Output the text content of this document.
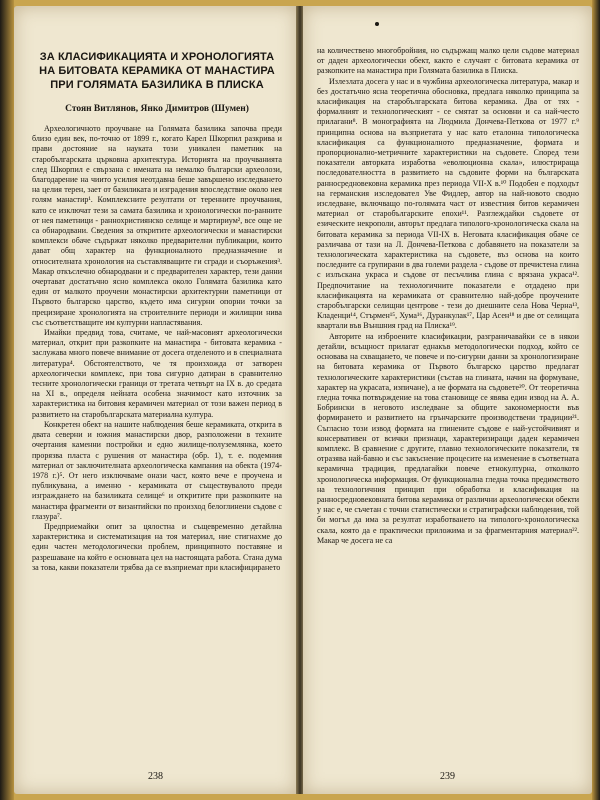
ЗА КЛАСИФИКАЦИЯТА И ХРОНОЛОГИЯТА НА БИТОВАТА КЕРАМИКА ОТ МАНАСТИРА ПРИ ГОЛЯМАТА БАЗИЛИКА В ПЛИСКА
Стоян Витлянов, Янко Димитров (Шумен)

Археологичното проучване на Голямата базилика започва преди близо един век, по-точно от 1899 г., когато Карел Шкорпил разкрива и прави достояние на науката този уникален паметник на старобългарската църковна архитектура. Историята на проучванията след Шкорпил е свързана с имената на немалко български археолози, благодарение на чиито усилия неотдавна беше завършено изследването на целия терен, зает от базиликата и изградения впоследствие около нея голям манастир¹. Комплексните резултати от теренните проучвания, като се изключат тези за самата базилика и хронологически по-ранните от нея паметници - раннохристиянско селище и мартириум², все още не са обнародвани. Сведения за откритите археологически и манастирски комплекси обаче съдържат няколко предварителни публикации, които дават общ характер на функционалното предназначение и относителната хронология на съставляващите ги сгради и съоръжения³. Макар откъслечно обнародвани и с предварителен характер, тези данни очертават достатъчно ясно комплекса около Голямата базилика като един от малкото проучени монастирски архитектурни паметници от Първото българско царство, където има сигурни опорни точки за прецизиране хронологията на строителните периоди и жилищни нива със съответстващите им културни напластявания.

Имайки предвид това, считаме, че най-масовият археологически материал, открит при разкопките на манастира - битовата керамика - заслужава много повече внимание от досега отделеното и в специалната литература⁴. Обстоятелството, че тя произхожда от затворен археологически комплекс, при това сигурно датиран в сравнително тесните хронологически граници от третата четвърт на IX в. до средата на XI в., определя нейната особена значимост като източник за характеристика на битовия керамичен материал от този важен период в развитието на старобългарската материална култура.

Конкретен обект на нашите наблюдения беше керамиката, открита в двата северни и южния манастирски двор, разположени в техните очертания каменни постройки и едно жилище-полуземлянка, което прорязва пласта с рушения от манастира (обр. 1), т. е. подемния материал от заключителната археологическа кампания на обекта (1974-1978 г.)⁵. От него изключваме онази част, която вече е проучена и публикувана, а именно - керамиката от съществувалото преди изграждането на базиликата селище⁶ и откритите при разкопките на манастира фрагменти от византийски по произход белоглинени съдове с глазура⁷.

Предприемайки опит за цялостна и същевременно детайлна характеристика и систематизация на тоя материал, ние стигнахме до един частен методологически проблем, принципното поставяне и разрешаване на който е основната цел на настоящата работа. Стана дума за това, какви показатели трябва да се възприемат при класифицирането

238

на количествено многобройния, но съдържащ малко цели съдове материал от даден археологически обект, както е случаят с битовата керамика от разкопките на манастира при Голямата базилика в Плиска.

Излезлата досега у нас и в чужбина археологическа литература, макар и без достатъчно ясна теоретична обосновка, предлага няколко принципа за класификация на старобългарската битова керамика. Два от тях - формалният и технологическият - се смятат за основни и са най-често прилагани⁸. В монографията на Людмила Дончева-Петкова от 1977 г.⁹ принципна основа на възприетата у нас като еталонна типологическа класификация са функционалното предназначение, формата и пропорционално-метричните характеристики на съдовете. Според тези показатели авторката изработва «еволюционна скала», илюстрираща последователността в развитието на съдовите форми на българската ранносредновековна керамика през периода VII-X в.¹⁰ Подобен е подходът на германския изследовател Уве Фидлер, автор на най-новото сводно изследване, включващо по-голямата част от известния битов керамичен материал от старобългарските епохи¹¹. Разглеждайки съдовете от езическите некрополи, авторът предлага типолого-хронологическа скала на битовата керамика за периода VII-IX в. Неговата класификация обаче се различава от тази на Л. Дончева-Петкова с добавянето на показатели за технологическата характеристика на съдовете, въз основа на които последните са групирани в два големи раздела - съдове от пречистена глина с излъскана украса и съдове от песъчлива глина с врязана украса¹². Предпочитание на технологичните показатели е отдадено при класификацията на керамиката от сравнително най-добре проучените старобългарски селищни центрове - тези до днешните села Нова Черна¹³, Кладенци¹⁴, Стърмен¹⁵, Хума¹⁶, Дуранкулак¹⁷, Цар Асен¹⁸ и две от селищата квартали във Външния град на Плиска¹⁹.

Авторите на изброените класификации, разграничавайки се в някои детайли, всъщност прилагат еднакъв методологически подход, който се основава на схващането, че повече и по-сигурни данни за хронологизиране на битовата керамика от Първото българско царство предлагат технологическите характеристики (състав на глината, начин на формуване, характер на украсата, изпичане), а не формата на съдовете²⁰. От теоретична гледна точка потвърждение на това становище се явява един извод на А. А. Бобрински в неговото изследване за общите закономерности във формирането и развитието на грънчарските производствени традиции²¹. Съгласно този извод формата на глинените съдове е най-устойчивият и консервативен от всички признаци, характеризиращи даден керамичен комплекс. В сравнение с другите, главно технологическите показатели, тя отразява най-бавно и със закъснение процесите на изменение в съответната керамична традиция, предлагайки повече етнокултурна, отколкото хронологическа информация. От функционална гледна точка предимството на технологичния принцип при обработка и класификация на ранносредновековната битова керамика от различни археологически обекти у нас е, че съчетан с точни статистически и стратиграфски наблюдения, той би могъл да има за резултат изработването на типолого-хронологическа скала, която да е практически приложима и за фрагментарния материал²². Макар че досега не са

239
